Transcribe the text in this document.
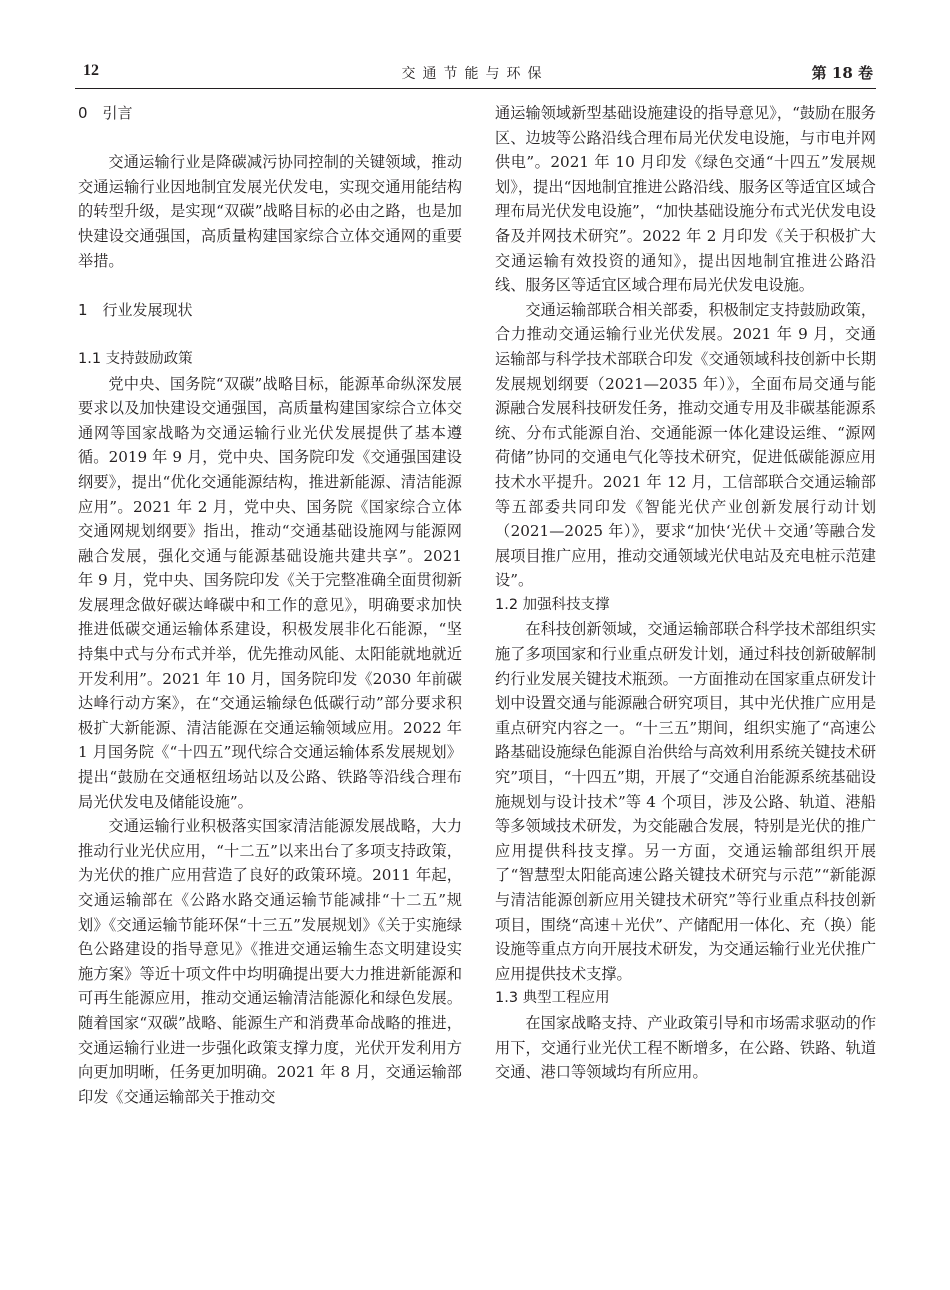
12	交通节能与环保	第 18 卷
0　引言

交通运输行业是降碳减污协同控制的关键领域，推动交通运输行业因地制宜发展光伏发电，实现交通用能结构的转型升级，是实现“双碳”战略目标的必由之路，也是加快建设交通强国，高质量构建国家综合立体交通网的重要举措。

1　行业发展现状
1.1 支持鼓励政策

党中央、国务院“双碳”战略目标，能源革命纵深发展要求以及加快建设交通强国，高质量构建国家综合立体交通网等国家战略为交通运输行业光伏发展提供了基本遵循。2019 年 9 月，党中央、国务院印发《交通强国建设纲要》，提出“优化交通能源结构，推进新能源、清洁能源应用”。2021 年 2 月，党中央、国务院《国家综合立体交通网规划纲要》指出，推动“交通基础设施网与能源网融合发展，强化交通与能源基础设施共建共享”。2021 年 9 月，党中央、国务院印发《关于完整准确全面贯彻新发展理念做好碳达峰碳中和工作的意见》，明确要求加快推进低碳交通运输体系建设，积极发展非化石能源，“坚持集中式与分布式并举，优先推动风能、太阳能就地就近开发利用”。2021 年 10 月，国务院印发《2030 年前碳达峰行动方案》，在“交通运输绿色低碳行动”部分要求积极扩大新能源、清洁能源在交通运输领域应用。2022 年 1 月国务院《“十四五”现代综合交通运输体系发展规划》提出“鼓励在交通枢纽场站以及公路、铁路等沿线合理布局光伏发电及储能设施”。

交通运输行业积极落实国家清洁能源发展战略，大力推动行业光伏应用，“十二五”以来出台了多项支持政策，为光伏的推广应用营造了良好的政策环境。2011 年起，交通运输部在《公路水路交通运输节能减排“十二五”规划》《交通运输节能环保“十三五”发展规划》《关于实施绿色公路建设的指导意见》《推进交通运输生态文明建设实施方案》等近十项文件中均明确提出要大力推进新能源和可再生能源应用，推动交通运输清洁能源化和绿色发展。随着国家“双碳”战略、能源生产和消费革命战略的推进，交通运输行业进一步强化政策支撑力度，光伏开发利用方向更加明晰，任务更加明确。2021 年 8 月，交通运输部印发《交通运输部关于推动交

通运输领域新型基础设施建设的指导意见》，“鼓励在服务区、边坡等公路沿线合理布局光伏发电设施，与市电并网供电”。2021 年 10 月印发《绿色交通“十四五”发展规划》，提出“因地制宜推进公路沿线、服务区等适宜区域合理布局光伏发电设施”，“加快基础设施分布式光伏发电设备及并网技术研究”。2022 年 2 月印发《关于积极扩大交通运输有效投资的通知》，提出因地制宜推进公路沿线、服务区等适宜区域合理布局光伏发电设施。

交通运输部联合相关部委，积极制定支持鼓励政策，合力推动交通运输行业光伏发展。2021 年 9 月，交通运输部与科学技术部联合印发《交通领域科技创新中长期发展规划纲要（2021—2035 年）》，全面布局交通与能源融合发展科技研发任务，推动交通专用及非碳基能源系统、分布式能源自治、交通能源一体化建设运维、“源网荷储”协同的交通电气化等技术研究，促进低碳能源应用技术水平提升。2021 年 12 月，工信部联合交通运输部等五部委共同印发《智能光伏产业创新发展行动计划（2021—2025 年）》，要求“加快‘光伏＋交通’等融合发展项目推广应用，推动交通领域光伏电站及充电桩示范建设”。

1.2 加强科技支撑

在科技创新领域，交通运输部联合科学技术部组织实施了多项国家和行业重点研发计划，通过科技创新破解制约行业发展关键技术瓶颈。一方面推动在国家重点研发计划中设置交通与能源融合研究项目，其中光伏推广应用是重点研究内容之一。“十三五”期间，组织实施了“高速公路基础设施绿色能源自治供给与高效利用系统关键技术研究”项目，“十四五”期，开展了“交通自治能源系统基础设施规划与设计技术”等 4 个项目，涉及公路、轨道、港船等多领域技术研发，为交能融合发展，特别是光伏的推广应用提供科技支撑。另一方面，交通运输部组织开展了“智慧型太阳能高速公路关键技术研究与示范”“新能源与清洁能源创新应用关键技术研究”等行业重点科技创新项目，围绕“高速＋光伏”、产储配用一体化、充（换）能设施等重点方向开展技术研发，为交通运输行业光伏推广应用提供技术支撑。

1.3 典型工程应用

在国家战略支持、产业政策引导和市场需求驱动的作用下，交通行业光伏工程不断增多，在公路、铁路、轨道交通、港口等领域均有所应用。
